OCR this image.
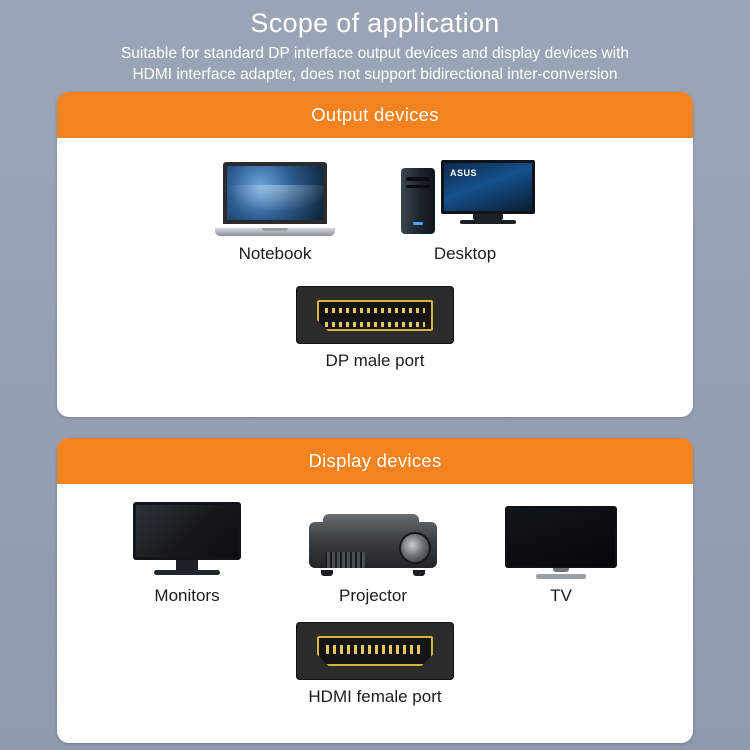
Scope of application
Suitable for standard DP interface output devices and display devices with
HDMI interface adapter, does not support bidirectional inter-conversion
Output devices
Notebook
ASUS
Desktop
DP male port
Display devices
Monitors	Projector	TV
HDMI female port
